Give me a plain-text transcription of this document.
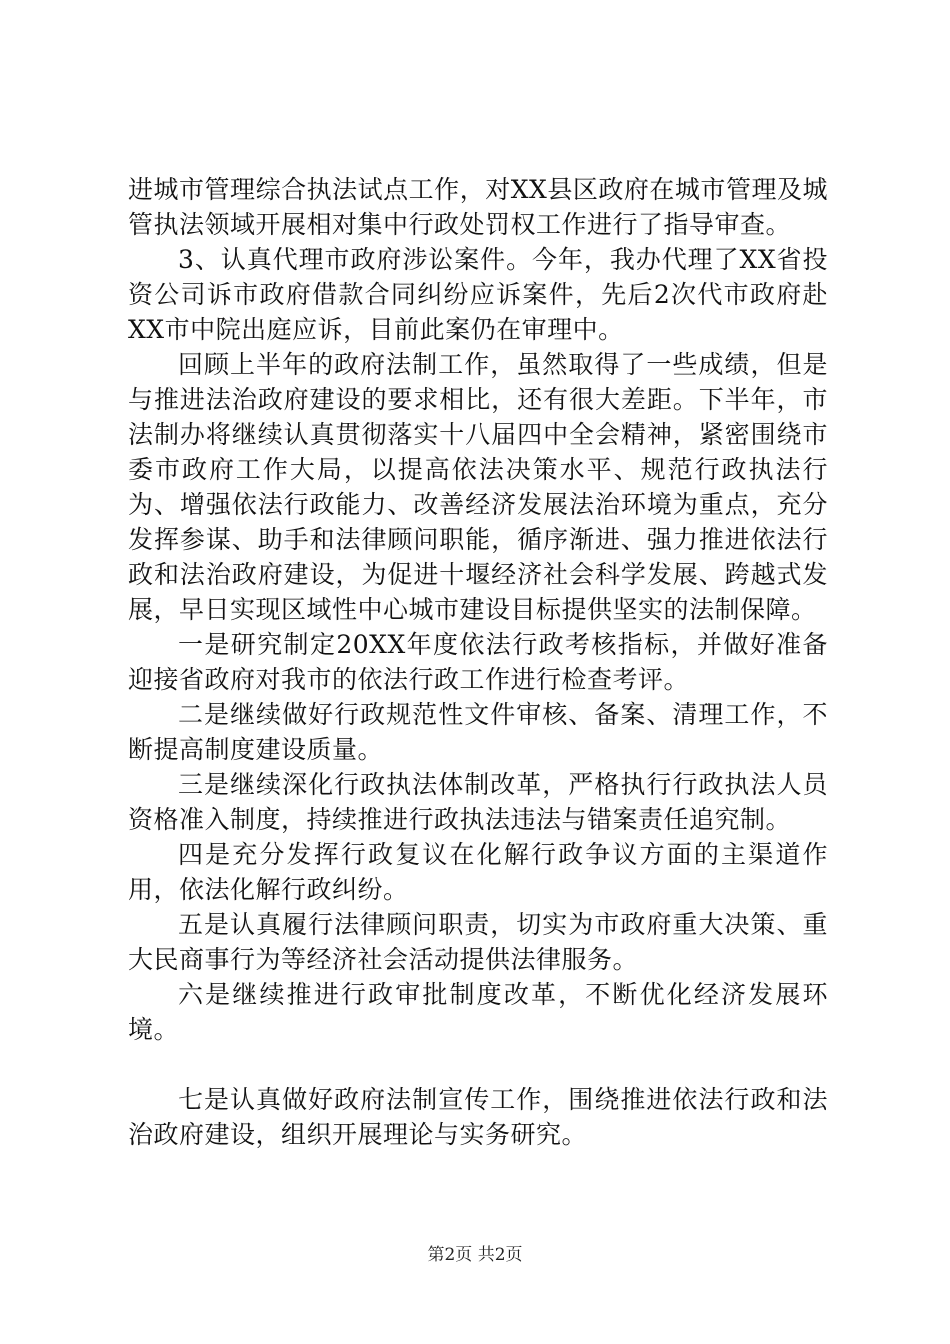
进城市管理综合执法试点工作，对XX县区政府在城市管理及城管执法领域开展相对集中行政处罚权工作进行了指导审查。

3、认真代理市政府涉讼案件。今年，我办代理了XX省投资公司诉市政府借款合同纠纷应诉案件，先后2次代市政府赴XX市中院出庭应诉，目前此案仍在审理中。

回顾上半年的政府法制工作，虽然取得了一些成绩，但是与推进法治政府建设的要求相比，还有很大差距。下半年，市法制办将继续认真贯彻落实十八届四中全会精神，紧密围绕市委市政府工作大局，以提高依法决策水平、规范行政执法行为、增强依法行政能力、改善经济发展法治环境为重点，充分发挥参谋、助手和法律顾问职能，循序渐进、强力推进依法行政和法治政府建设，为促进十堰经济社会科学发展、跨越式发展，早日实现区域性中心城市建设目标提供坚实的法制保障。

一是研究制定20XX年度依法行政考核指标，并做好准备迎接省政府对我市的依法行政工作进行检查考评。

二是继续做好行政规范性文件审核、备案、清理工作，不断提高制度建设质量。

三是继续深化行政执法体制改革，严格执行行政执法人员资格准入制度，持续推进行政执法违法与错案责任追究制。

四是充分发挥行政复议在化解行政争议方面的主渠道作用，依法化解行政纠纷。

五是认真履行法律顾问职责，切实为市政府重大决策、重大民商事行为等经济社会活动提供法律服务。

六是继续推进行政审批制度改革，不断优化经济发展环境。

七是认真做好政府法制宣传工作，围绕推进依法行政和法治政府建设，组织开展理论与实务研究。

第2页 共2页
